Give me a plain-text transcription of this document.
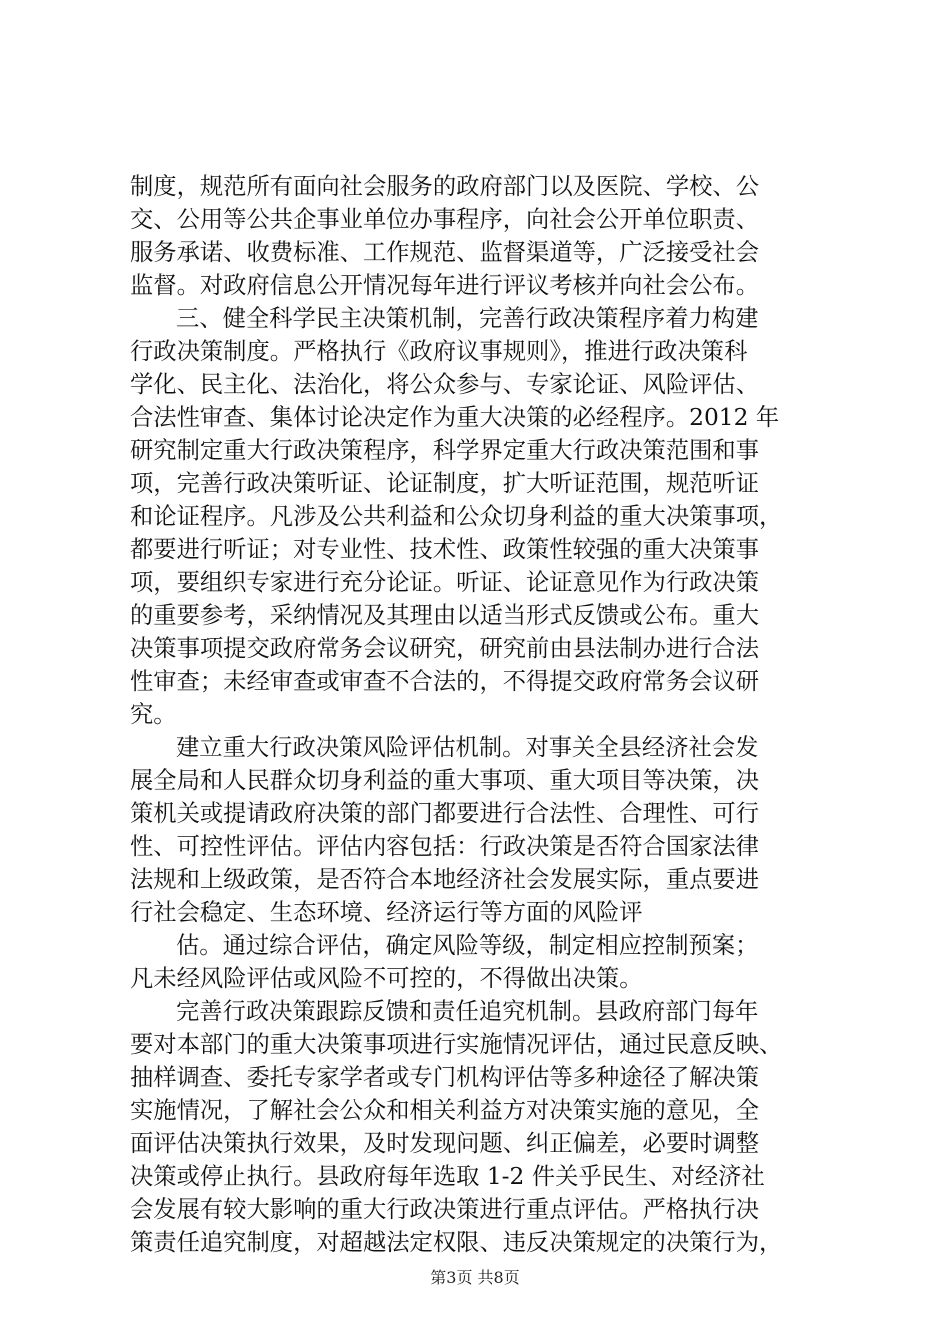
制度，规范所有面向社会服务的政府部门以及医院、学校、公
交、公用等公共企事业单位办事程序，向社会公开单位职责、
服务承诺、收费标准、工作规范、监督渠道等，广泛接受社会
监督。对政府信息公开情况每年进行评议考核并向社会公布。
三、健全科学民主决策机制，完善行政决策程序着力构建
行政决策制度。严格执行《政府议事规则》，推进行政决策科
学化、民主化、法治化，将公众参与、专家论证、风险评估、
合法性审查、集体讨论决定作为重大决策的必经程序。2012 年
研究制定重大行政决策程序，科学界定重大行政决策范围和事
项，完善行政决策听证、论证制度，扩大听证范围，规范听证
和论证程序。凡涉及公共利益和公众切身利益的重大决策事项，
都要进行听证；对专业性、技术性、政策性较强的重大决策事
项，要组织专家进行充分论证。听证、论证意见作为行政决策
的重要参考，采纳情况及其理由以适当形式反馈或公布。重大
决策事项提交政府常务会议研究，研究前由县法制办进行合法
性审查；未经审查或审查不合法的，不得提交政府常务会议研
究。
建立重大行政决策风险评估机制。对事关全县经济社会发
展全局和人民群众切身利益的重大事项、重大项目等决策，决
策机关或提请政府决策的部门都要进行合法性、合理性、可行
性、可控性评估。评估内容包括：行政决策是否符合国家法律
法规和上级政策，是否符合本地经济社会发展实际，重点要进
行社会稳定、生态环境、经济运行等方面的风险评
估。通过综合评估，确定风险等级，制定相应控制预案；
凡未经风险评估或风险不可控的，不得做出决策。
完善行政决策跟踪反馈和责任追究机制。县政府部门每年
要对本部门的重大决策事项进行实施情况评估，通过民意反映、
抽样调查、委托专家学者或专门机构评估等多种途径了解决策
实施情况，了解社会公众和相关利益方对决策实施的意见，全
面评估决策执行效果，及时发现问题、纠正偏差，必要时调整
决策或停止执行。县政府每年选取 1-2 件关乎民生、对经济社
会发展有较大影响的重大行政决策进行重点评估。严格执行决
策责任追究制度，对超越法定权限、违反决策规定的决策行为，
第3页 共8页
